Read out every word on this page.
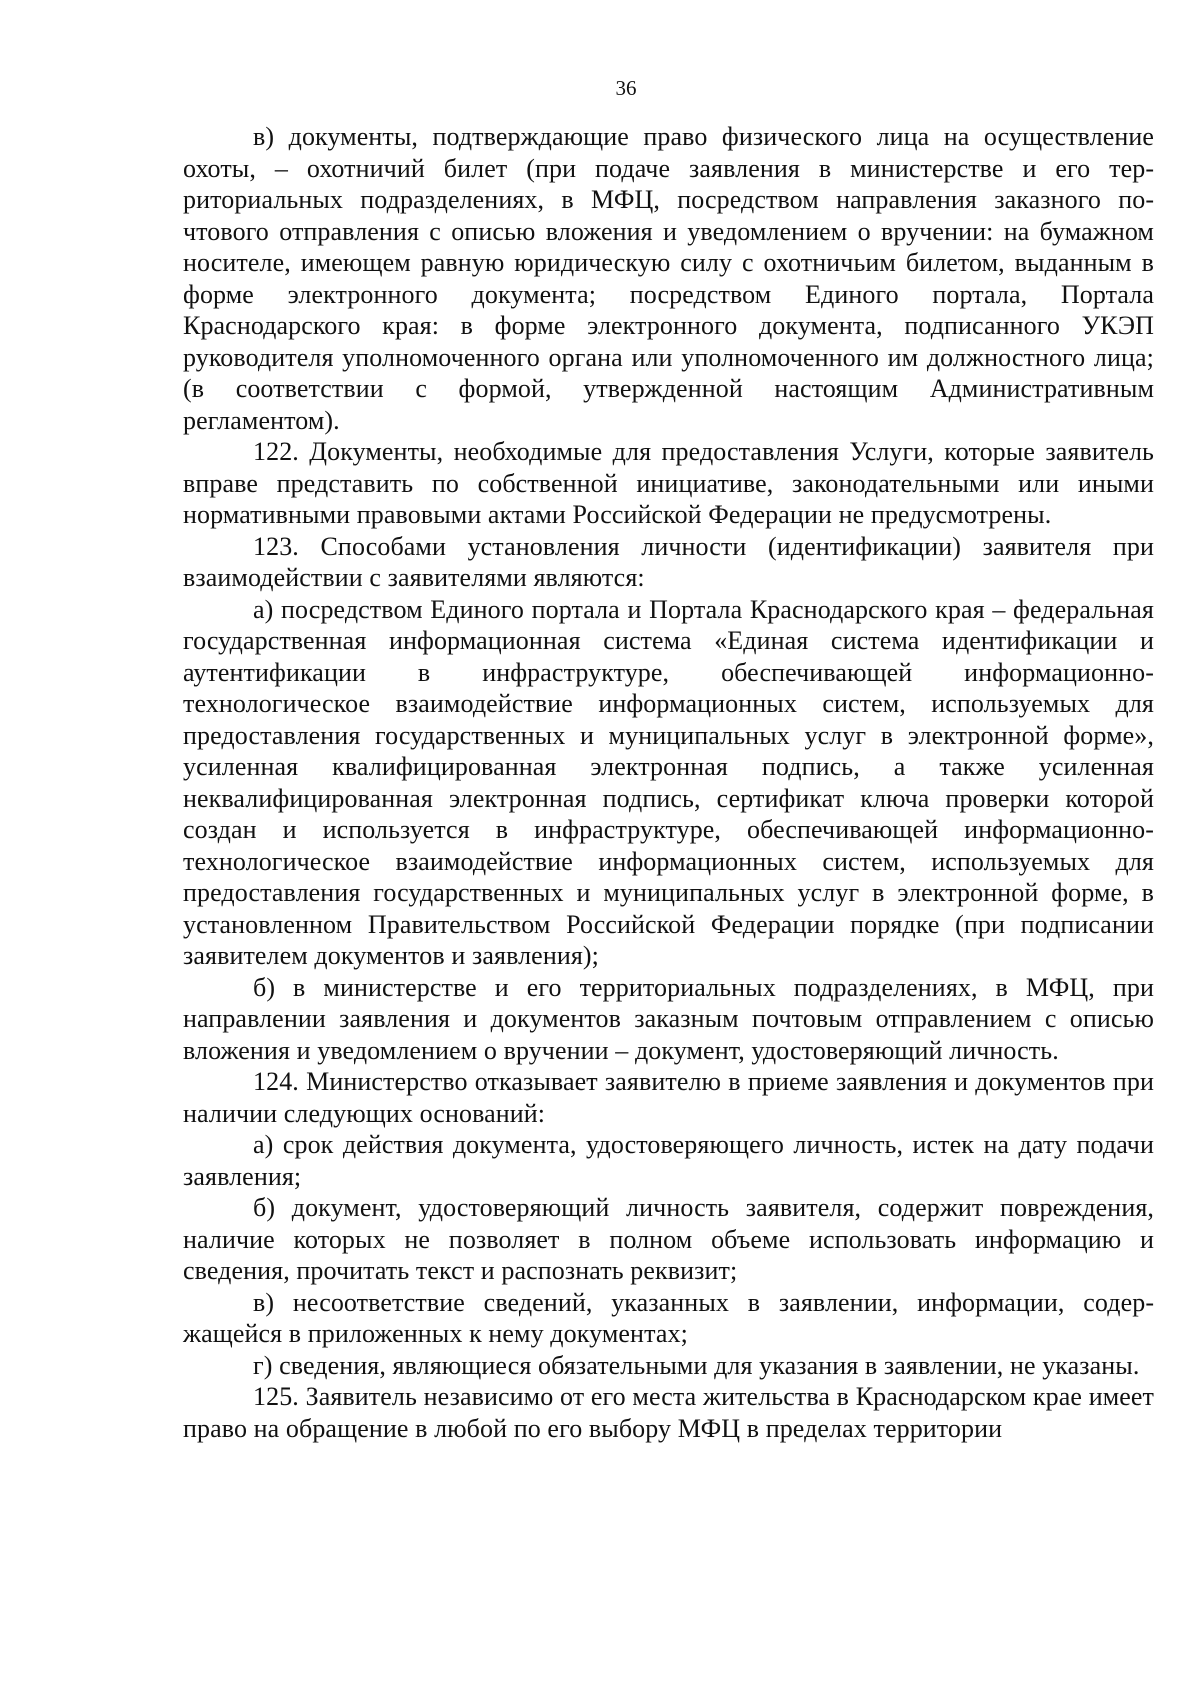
36

в) документы, подтверждающие право физического лица на осуществление охоты, – охотничий билет (при подаче заявления в министерстве и его территориальных подразделениях, в МФЦ, посредством направления заказного почтового отправления с описью вложения и уведомлением о вручении: на бумажном носителе, имеющем равную юридическую силу с охотничьим билетом, выданным в форме электронного документа; посредством Единого портала, Портала Краснодарского края: в форме электронного документа, подписанного УКЭП руководителя уполномоченного органа или уполномоченного им должностного лица; (в соответствии с формой, утвержденной настоящим Административным регламентом).

122. Документы, необходимые для предоставления Услуги, которые заявитель вправе представить по собственной инициативе, законодательными или иными нормативными правовыми актами Российской Федерации не предусмотрены.

123. Способами установления личности (идентификации) заявителя при взаимодействии с заявителями являются:

а) посредством Единого портала и Портала Краснодарского края – федеральная государственная информационная система «Единая система идентификации и аутентификации в инфраструктуре, обеспечивающей информационно-технологическое взаимодействие информационных систем, используемых для предоставления государственных и муниципальных услуг в электронной форме», усиленная квалифицированная электронная подпись, а также усиленная неквалифицированная электронная подпись, сертификат ключа проверки которой создан и используется в инфраструктуре, обеспечивающей информационно-технологическое взаимодействие информационных систем, используемых для предоставления государственных и муниципальных услуг в электронной форме, в установленном Правительством Российской Федерации порядке (при подписании заявителем документов и заявления);

б) в министерстве и его территориальных подразделениях, в МФЦ, при направлении заявления и документов заказным почтовым отправлением с описью вложения и уведомлением о вручении – документ, удостоверяющий личность.

124. Министерство отказывает заявителю в приеме заявления и документов при наличии следующих оснований:

а) срок действия документа, удостоверяющего личность, истек на дату подачи заявления;

б) документ, удостоверяющий личность заявителя, содержит повреждения, наличие которых не позволяет в полном объеме использовать информацию и сведения, прочитать текст и распознать реквизит;

в) несоответствие сведений, указанных в заявлении, информации, содержащейся в приложенных к нему документах;

г) сведения, являющиеся обязательными для указания в заявлении, не указаны.

125. Заявитель независимо от его места жительства в Краснодарском крае имеет право на обращение в любой по его выбору МФЦ в пределах территории
